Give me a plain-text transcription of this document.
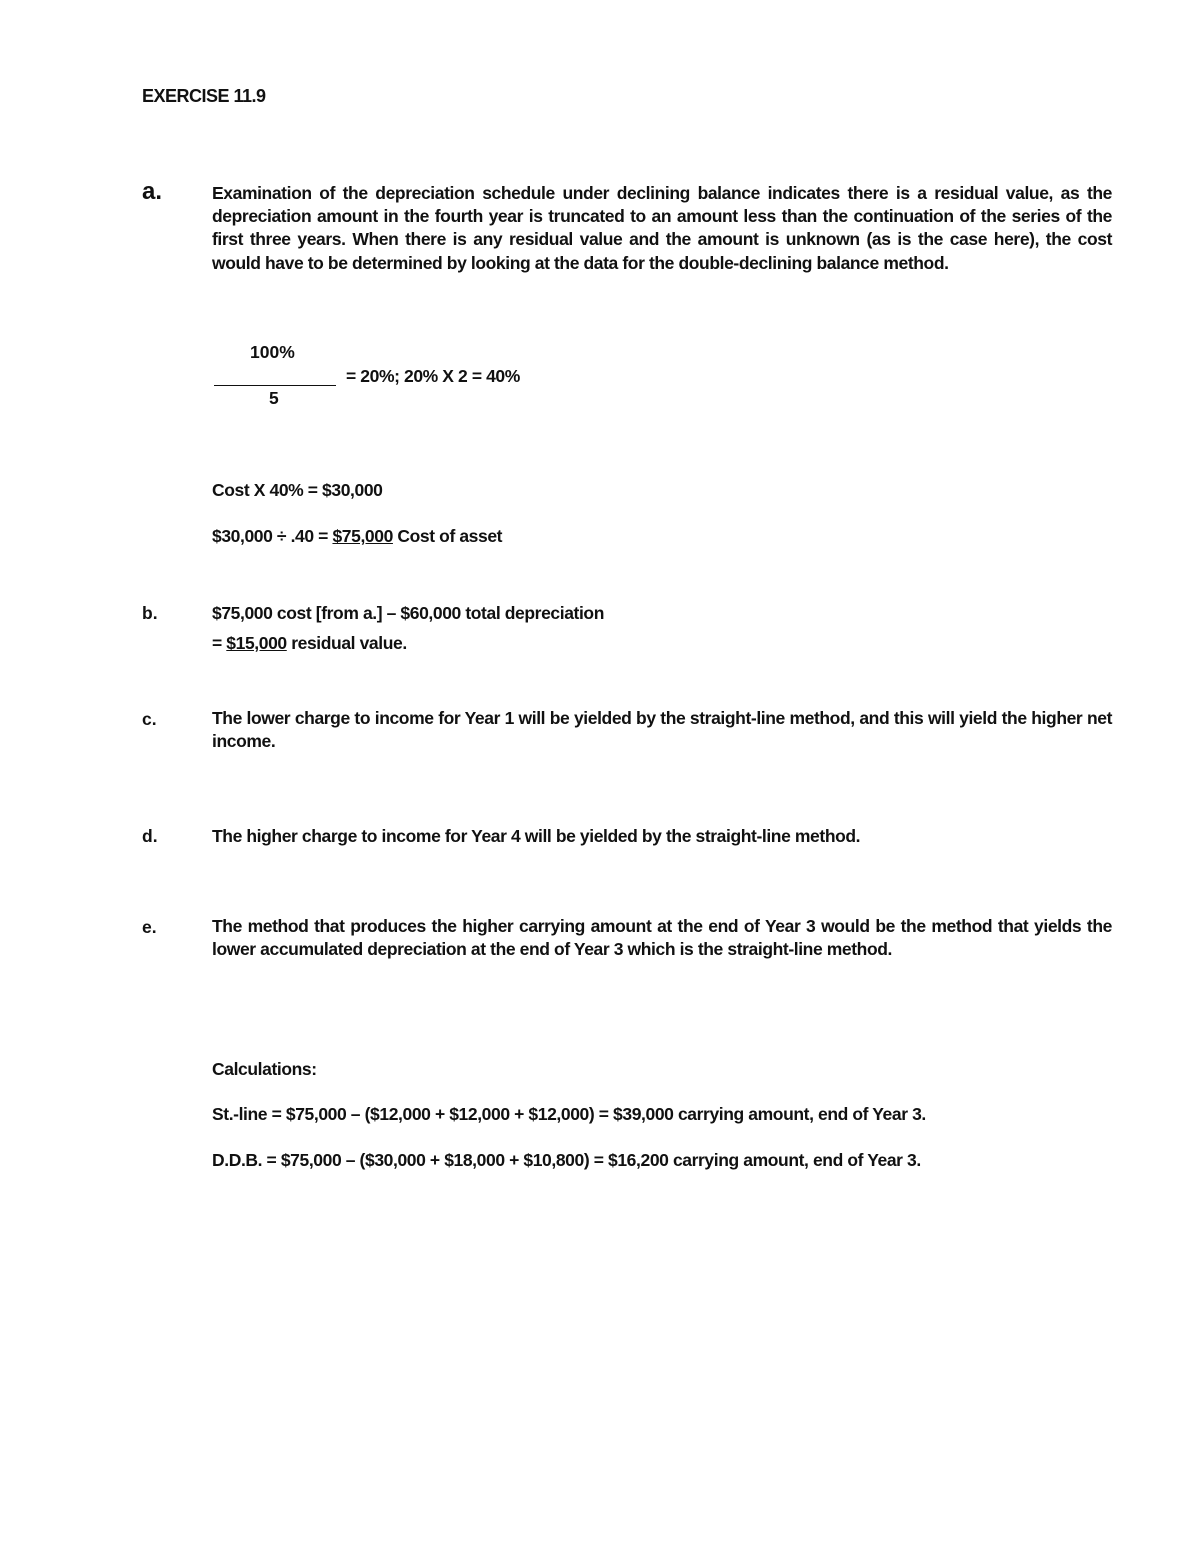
EXERCISE 11.9
a.	Examination of the depreciation schedule under declining balance indicates there is a residual value, as the depreciation amount in the fourth year is truncated to an amount less than the continuation of the series of the first three years. When there is any residual value and the amount is unknown (as is the case here), the cost would have to be determined by looking at the data for the double-declining balance method.
100%
5
= 20%; 20% X 2 = 40%
Cost X 40% = $30,000
$30,000 ÷ .40 = $75,000 Cost of asset
b.	$75,000 cost [from a.] – $60,000 total depreciation
= $15,000 residual value.
c.	The lower charge to income for Year 1 will be yielded by the straight-line method, and this will yield the higher net income.
d.	The higher charge to income for Year 4 will be yielded by the straight-line method.
e.	The method that produces the higher carrying amount at the end of Year 3 would be the method that yields the lower accumulated depreciation at the end of Year 3 which is the straight-line method.
Calculations:
St.-line = $75,000 – ($12,000 + $12,000 + $12,000) = $39,000 carrying amount, end of Year 3.
D.D.B. = $75,000 – ($30,000 + $18,000 + $10,800) = $16,200 carrying amount, end of Year 3.
